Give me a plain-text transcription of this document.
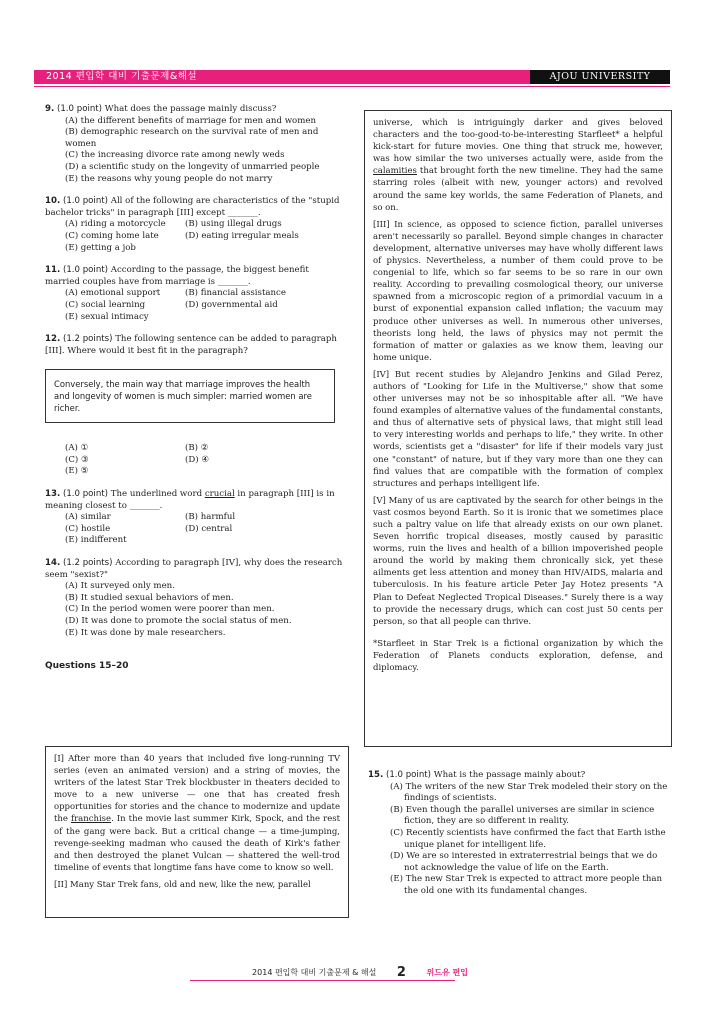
2014 편입학 대비 기출문제&해설	AJOU UNIVERSITY
9. (1.0 point) What does the passage mainly discuss?
(A) the different benefits of marriage for men and women
(B) demographic research on the survival rate of men and women
(C) the increasing divorce rate among newly weds
(D) a scientific study on the longevity of unmarried people
(E) the reasons why young people do not marry
10. (1.0 point) All of the following are characteristics of the "stupid bachelor tricks" in paragraph [III] except _______.
(A) riding a motorcycle	(B) using illegal drugs
(C) coming home late	(D) eating irregular meals
(E) getting a job
11. (1.0 point) According to the passage, the biggest benefit married couples have from marriage is _______.
(A) emotional support	(B) financial assistance
(C) social learning	(D) governmental aid
(E) sexual intimacy
12. (1.2 points) The following sentence can be added to paragraph [III]. Where would it best fit in the paragraph?
Conversely, the main way that marriage improves the health and longevity of women is much simpler: married women are richer.
(A) ①	(B) ②
(C) ③	(D) ④
(E) ⑤
13. (1.0 point) The underlined word crucial in paragraph [III] is in meaning closest to _______.
(A) similar	(B) harmful
(C) hostile	(D) central
(E) indifferent
14. (1.2 points) According to paragraph [IV], why does the research seem "sexist?"
(A) It surveyed only men.
(B) It studied sexual behaviors of men.
(C) In the period women were poorer than men.
(D) It was done to promote the social status of men.
(E) It was done by male researchers.
Questions 15–20

[I] After more than 40 years that included five long-running TV series (even an animated version) and a string of movies, the writers of the latest Star Trek blockbuster in theaters decided to move to a new universe — one that has created fresh opportunities for stories and the chance to modernize and update the franchise. In the movie last summer Kirk, Spock, and the rest of the gang were back. But a critical change — a time-jumping, revenge-seeking madman who caused the death of Kirk's father and then destroyed the planet Vulcan — shattered the well-trod timeline of events that longtime fans have come to know so well.

[II] Many Star Trek fans, old and new, like the new, parallel

universe, which is intriguingly darker and gives beloved characters and the too-good-to-be-interesting Starfleet* a helpful kick-start for future movies. One thing that struck me, however, was how similar the two universes actually were, aside from the calamities that brought forth the new timeline. They had the same starring roles (albeit with new, younger actors) and revolved around the same key worlds, the same Federation of Planets, and so on.

[III] In science, as opposed to science fiction, parallel universes aren't necessarily so parallel. Beyond simple changes in character development, alternative universes may have wholly different laws of physics. Nevertheless, a number of them could prove to be congenial to life, which so far seems to be so rare in our own reality. According to prevailing cosmological theory, our universe spawned from a microscopic region of a primordial vacuum in a burst of exponential expansion called inflation; the vacuum may produce other universes as well. In numerous other universes, theorists long held, the laws of physics may not permit the formation of matter or galaxies as we know them, leaving our home unique.

[IV] But recent studies by Alejandro Jenkins and Gilad Perez, authors of "Looking for Life in the Multiverse," show that some other universes may not be so inhospitable after all. "We have found examples of alternative values of the fundamental constants, and thus of alternative sets of physical laws, that might still lead to very interesting worlds and perhaps to life," they write. In other words, scientists get a "disaster" for life if their models vary just one "constant" of nature, but if they vary more than one they can find values that are compatible with the formation of complex structures and perhaps intelligent life.

[V] Many of us are captivated by the search for other beings in the vast cosmos beyond Earth. So it is ironic that we sometimes place such a paltry value on life that already exists on our own planet. Seven horrific tropical diseases, mostly caused by parasitic worms, ruin the lives and health of a billion impoverished people around the world by making them chronically sick, yet these ailments get less attention and money than HIV/AIDS, malaria and tuberculosis. In his feature article Peter Jay Hotez presents "A Plan to Defeat Neglected Tropical Diseases." Surely there is a way to provide the necessary drugs, which can cost just 50 cents per person, so that all people can thrive.

*Starfleet in Star Trek is a fictional organization by which the Federation of Planets conducts exploration, defense, and diplomacy.

15. (1.0 point) What is the passage mainly about?
(A) The writers of the new Star Trek modeled their story on the findings of scientists.
(B) Even though the parallel universes are similar in science fiction, they are so different in reality.
(C) Recently scientists have confirmed the fact that Earth isthe unique planet for intelligent life.
(D) We are so interested in extraterrestrial beings that we do not acknowledge the value of life on the Earth.
(E) The new Star Trek is expected to attract more people than the old one with its fundamental changes.
2014 편입학 대비 기출문제 & 해설 2	위드유 편입
